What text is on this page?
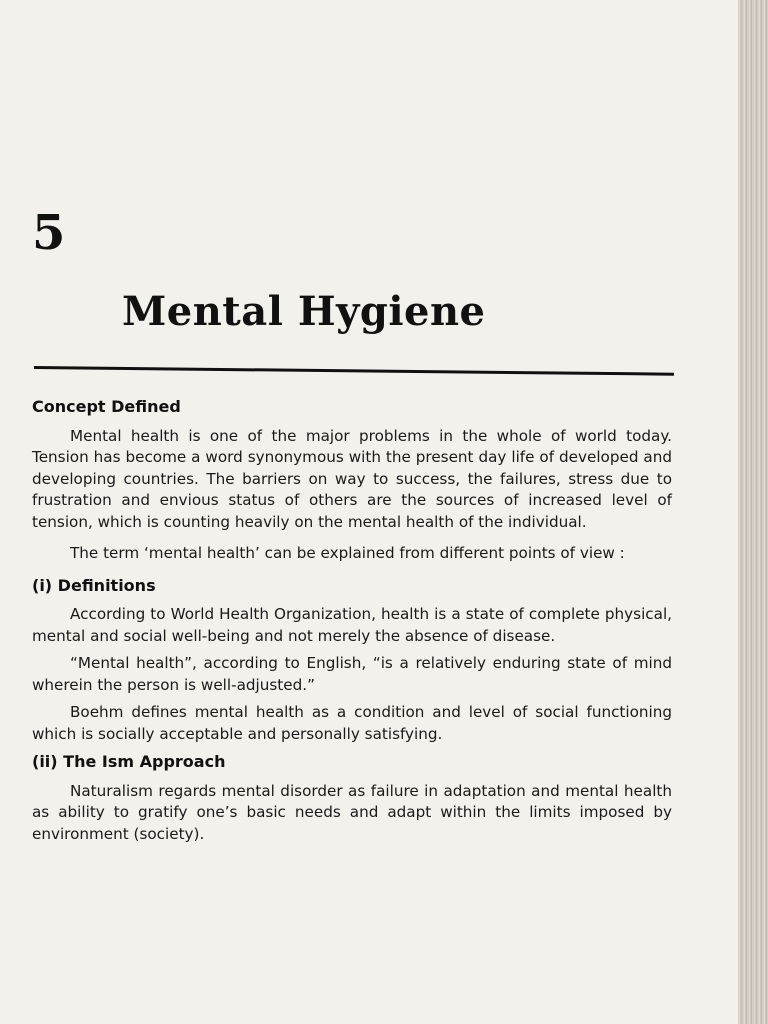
5
Mental Hygiene
Concept Defined

Mental health is one of the major problems in the whole of world today. Tension has become a word synonymous with the present day life of developed and developing countries. The barriers on way to success, the failures, stress due to frustration and envious status of others are the sources of increased level of tension, which is counting heavily on the mental health of the individual.

The term ‘mental health’ can be explained from different points of view :

(i) Definitions

According to World Health Organization, health is a state of complete physical, mental and social well-being and not merely the absence of disease.

“Mental health”, according to English, “is a relatively enduring state of mind wherein the person is well-adjusted.”

Boehm defines mental health as a condition and level of social functioning which is socially acceptable and personally satisfying.

(ii) The Ism Approach

Naturalism regards mental disorder as failure in adaptation and mental health as ability to gratify one’s basic needs and adapt within the limits imposed by environment (society).
